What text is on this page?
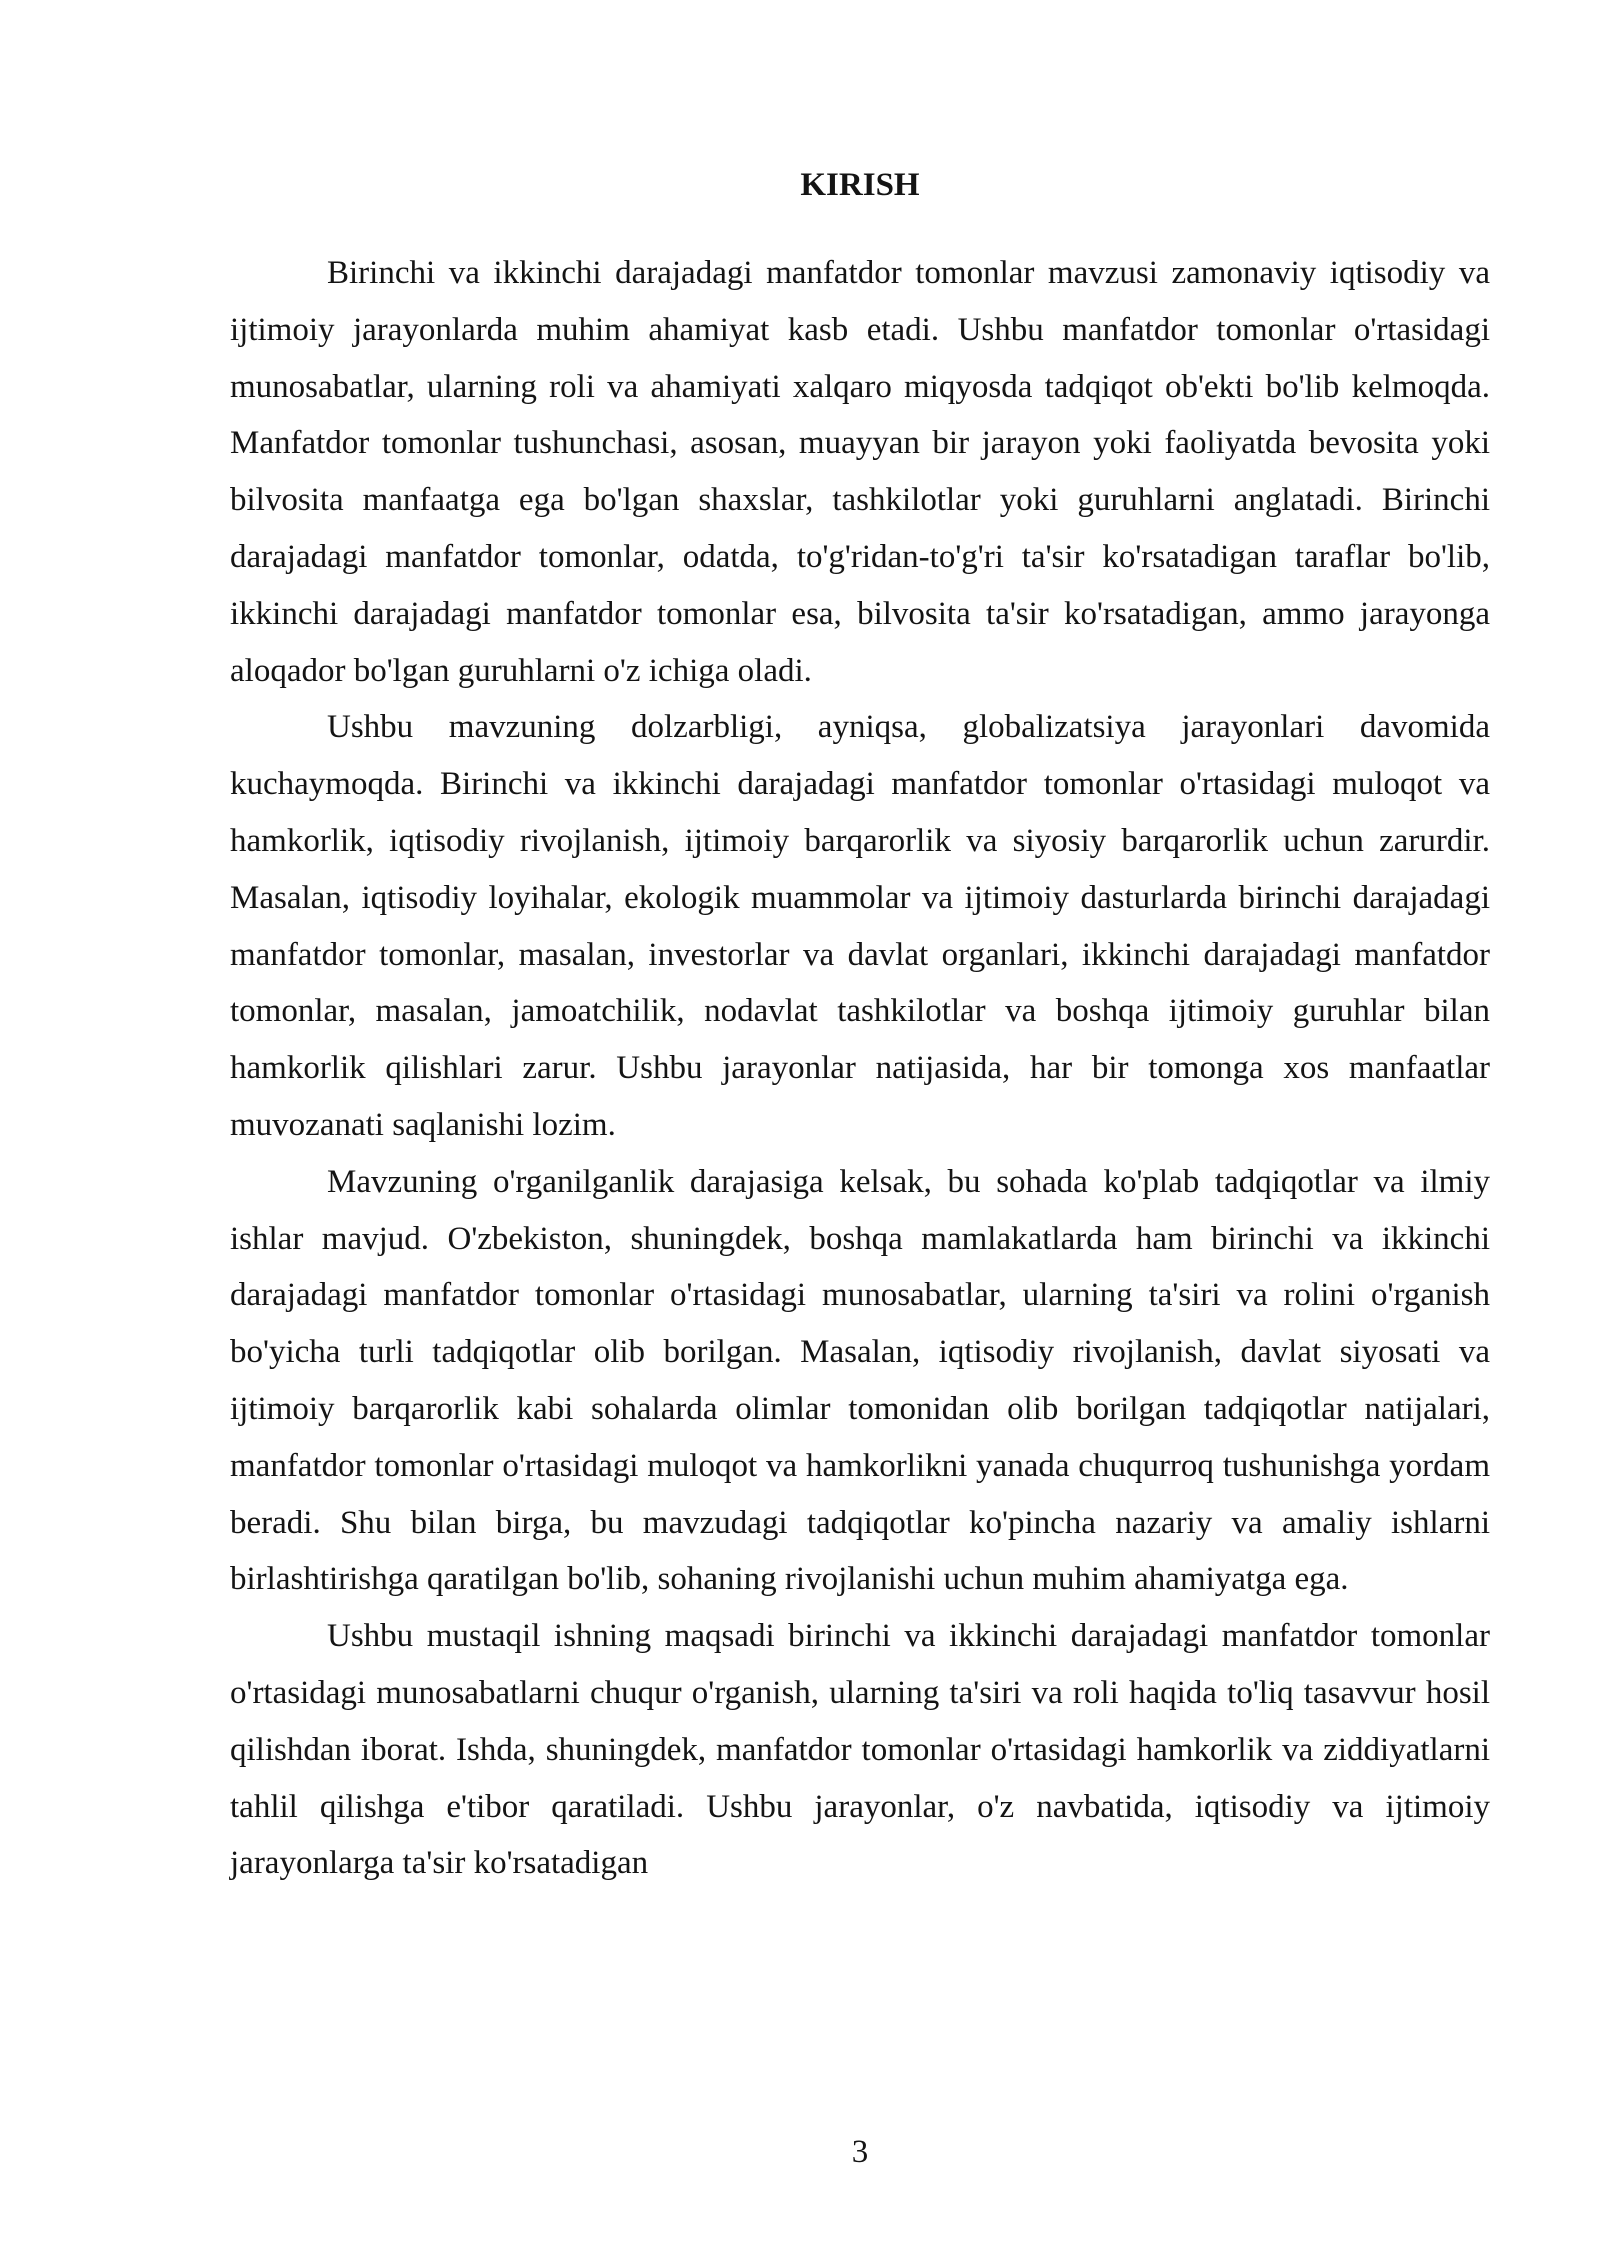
KIRISH

Birinchi va ikkinchi darajadagi manfatdor tomonlar mavzusi zamonaviy iqtisodiy va ijtimoiy jarayonlarda muhim ahamiyat kasb etadi. Ushbu manfatdor tomonlar o'rtasidagi munosabatlar, ularning roli va ahamiyati xalqaro miqyosda tadqiqot ob'ekti bo'lib kelmoqda. Manfatdor tomonlar tushunchasi, asosan, muayyan bir jarayon yoki faoliyatda bevosita yoki bilvosita manfaatga ega bo'lgan shaxslar, tashkilotlar yoki guruhlarni anglatadi. Birinchi darajadagi manfatdor tomonlar, odatda, to'g'ridan-to'g'ri ta'sir ko'rsatadigan taraflar bo'lib, ikkinchi darajadagi manfatdor tomonlar esa, bilvosita ta'sir ko'rsatadigan, ammo jarayonga aloqador bo'lgan guruhlarni o'z ichiga oladi.

Ushbu mavzuning dolzarbligi, ayniqsa, globalizatsiya jarayonlari davomida kuchaymoqda. Birinchi va ikkinchi darajadagi manfatdor tomonlar o'rtasidagi muloqot va hamkorlik, iqtisodiy rivojlanish, ijtimoiy barqarorlik va siyosiy barqarorlik uchun zarurdir. Masalan, iqtisodiy loyihalar, ekologik muammolar va ijtimoiy dasturlarda birinchi darajadagi manfatdor tomonlar, masalan, investorlar va davlat organlari, ikkinchi darajadagi manfatdor tomonlar, masalan, jamoatchilik, nodavlat tashkilotlar va boshqa ijtimoiy guruhlar bilan hamkorlik qilishlari zarur. Ushbu jarayonlar natijasida, har bir tomonga xos manfaatlar muvozanati saqlanishi lozim.

Mavzuning o'rganilganlik darajasiga kelsak, bu sohada ko'plab tadqiqotlar va ilmiy ishlar mavjud. O'zbekiston, shuningdek, boshqa mamlakatlarda ham birinchi va ikkinchi darajadagi manfatdor tomonlar o'rtasidagi munosabatlar, ularning ta'siri va rolini o'rganish bo'yicha turli tadqiqotlar olib borilgan. Masalan, iqtisodiy rivojlanish, davlat siyosati va ijtimoiy barqarorlik kabi sohalarda olimlar tomonidan olib borilgan tadqiqotlar natijalari, manfatdor tomonlar o'rtasidagi muloqot va hamkorlikni yanada chuqurroq tushunishga yordam beradi. Shu bilan birga, bu mavzudagi tadqiqotlar ko'pincha nazariy va amaliy ishlarni birlashtirishga qaratilgan bo'lib, sohaning rivojlanishi uchun muhim ahamiyatga ega.

Ushbu mustaqil ishning maqsadi birinchi va ikkinchi darajadagi manfatdor tomonlar o'rtasidagi munosabatlarni chuqur o'rganish, ularning ta'siri va roli haqida to'liq tasavvur hosil qilishdan iborat. Ishda, shuningdek, manfatdor tomonlar o'rtasidagi hamkorlik va ziddiyatlarni tahlil qilishga e'tibor qaratiladi. Ushbu jarayonlar, o'z navbatida, iqtisodiy va ijtimoiy jarayonlarga ta'sir ko'rsatadigan

3
